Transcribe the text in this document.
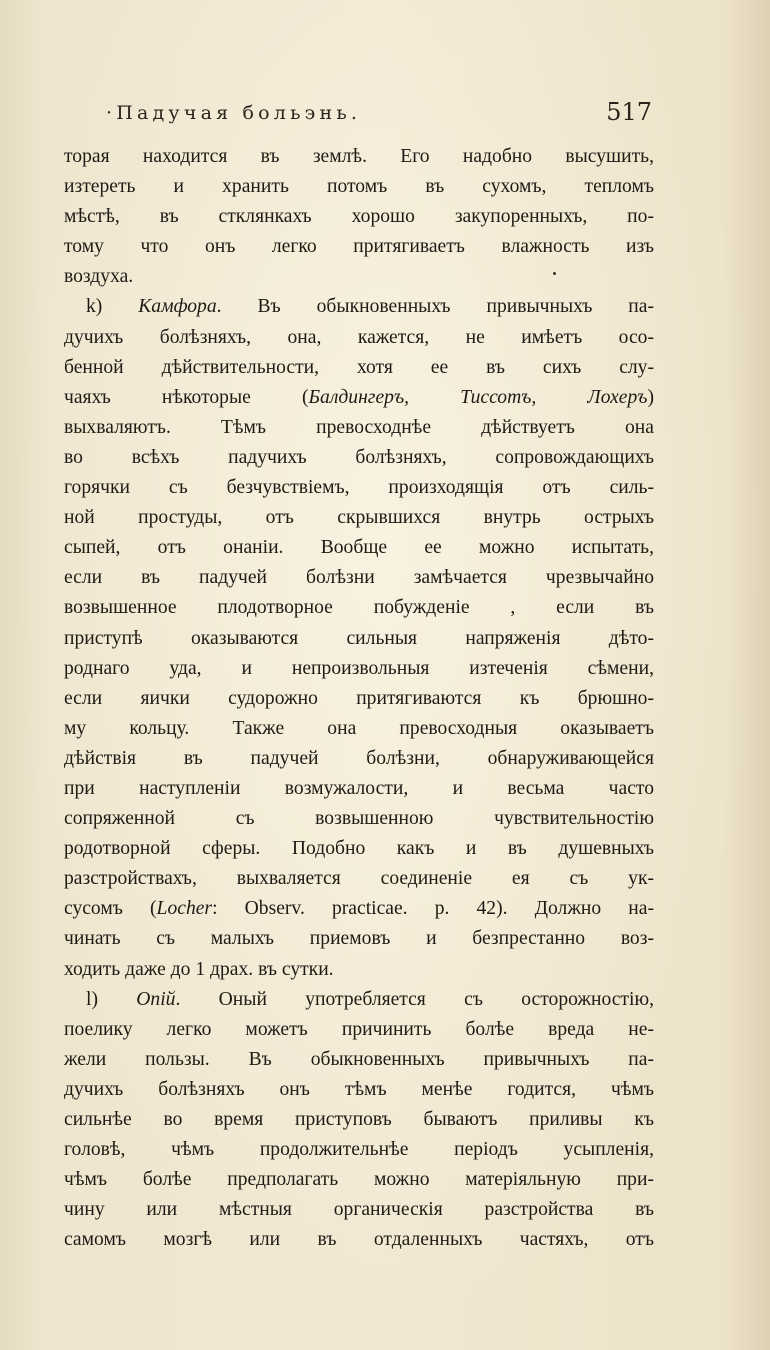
·Падучая больэнь.	517
торая находится въ землѣ. Его надобно высушить,
изтереть и хранить потомъ въ сухомъ, тепломъ
мѣстѣ, въ стклянкахъ хорошо закупоренныхъ, по-
тому что онъ легко притягиваетъ влажность изъ
воздуха.
k) Камфора. Въ обыкновенныхъ привычныхъ па-
дучихъ болѣзняхъ, она, кажется, не имѣетъ осо-
бенной дѣйствительности, хотя ее въ сихъ слу-
чаяхъ нѣкоторые (Балдингеръ, Тиссотъ, Лохеръ)
выхваляютъ. Тѣмъ превосходнѣе дѣйствуетъ она
во всѣхъ падучихъ болѣзняхъ, сопровождающихъ
горячки съ безчувствіемъ, произходящія отъ силь-
ной простуды, отъ скрывшихся внутрь острыхъ
сыпей, отъ онаніи. Вообще ее можно испытать,
если въ падучей болѣзни замѣчается чрезвычайно
возвышенное плодотворное побужденіе , если въ
приступѣ оказываются сильныя напряженія дѣто-
роднаго уда, и непроизвольныя изтеченія сѣмени,
если яички судорожно притягиваются къ брюшно-
му кольцу. Также она превосходныя оказываетъ
дѣйствія въ падучей болѣзни, обнаруживающейся
при наступленіи возмужалости, и весьма часто
сопряженной съ возвышенною чувствительностію
родотворной сферы. Подобно какъ и въ душевныхъ
разстройствахъ, выхваляется соединеніе ея съ ук-
сусомъ (Locher: Observ. practicae. p. 42). Должно на-
чинать съ малыхъ приемовъ и безпрестанно воз-
ходить даже до 1 драх. въ сутки.
l) Опій. Оный употребляется съ осторожностію,
поелику легко можетъ причинить болѣе вреда не-
жели пользы. Въ обыкновенныхъ привычныхъ па-
дучихъ болѣзняхъ онъ тѣмъ менѣе годится, чѣмъ
сильнѣе во время приступовъ бываютъ приливы къ
головѣ, чѣмъ продолжительнѣе періодъ усыпленія,
чѣмъ болѣе предполагать можно матеріяльную при-
чину или мѣстныя органическія разстройства въ
самомъ мозгѣ или въ отдаленныхъ частяхъ, отъ
